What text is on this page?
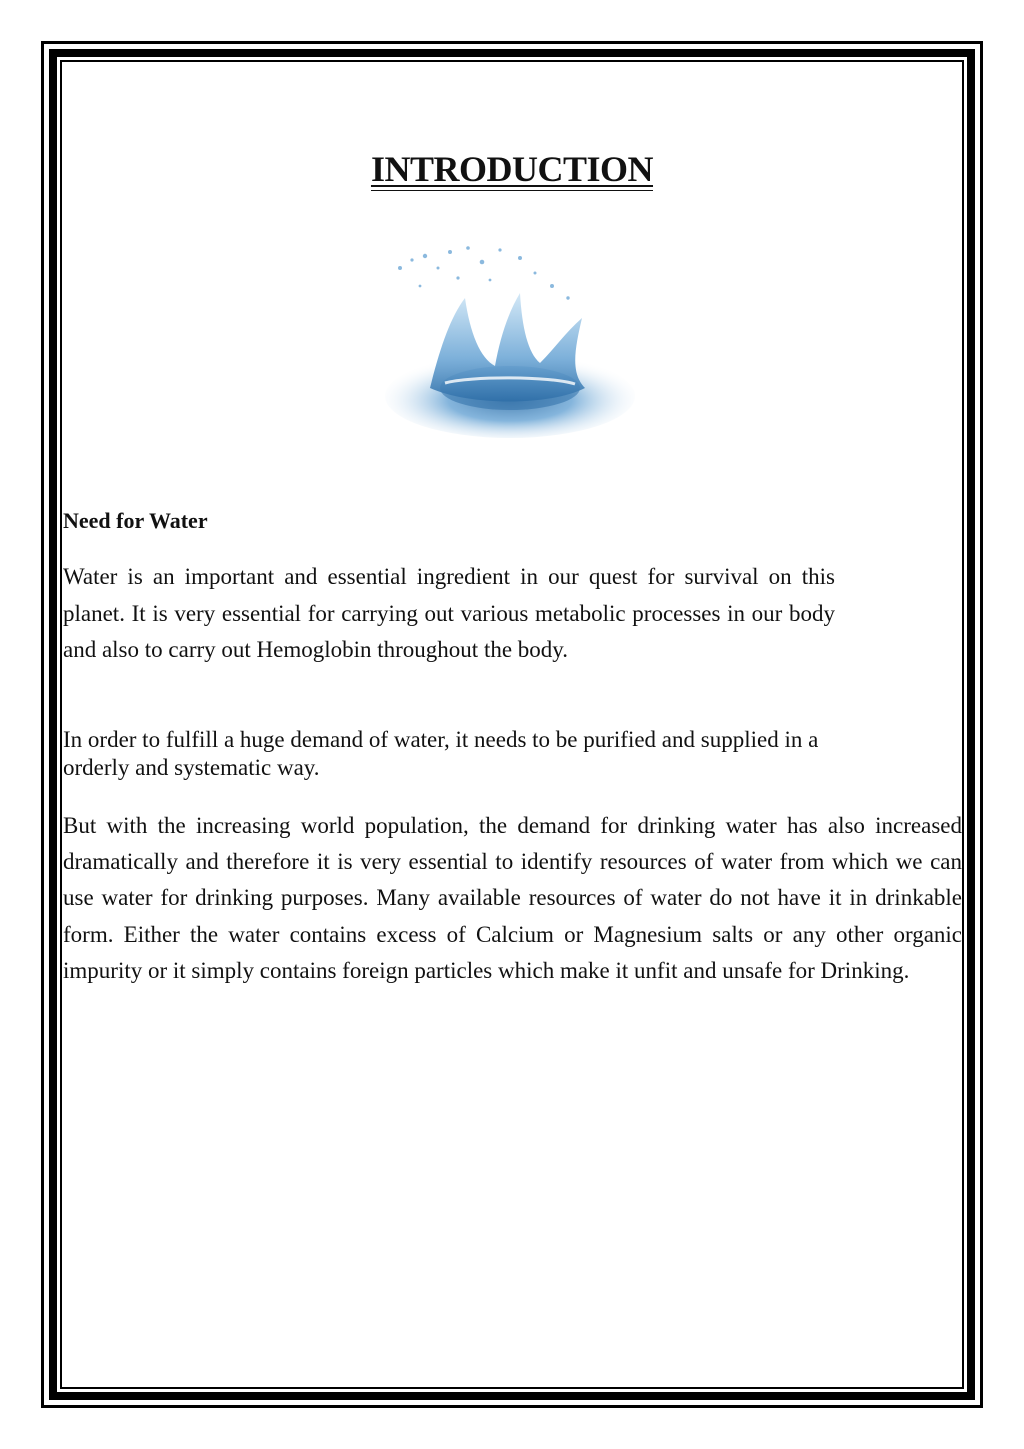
INTRODUCTION
Need for Water

Water is an important and essential ingredient in our quest for survival on this planet. It is very essential for carrying out various metabolic processes in our body and also to carry out Hemoglobin throughout the body.

In order to fulfill a huge demand of water, it needs to be purified and supplied in a orderly and systematic way.

But with the increasing world population, the demand for drinking water has also increased dramatically and therefore it is very essential to identify resources of water from which we can use water for drinking purposes. Many available resources of water do not have it in drinkable form. Either the water contains excess of Calcium or Magnesium salts or any other organic impurity or it simply contains foreign particles which make it unfit and unsafe for Drinking.
